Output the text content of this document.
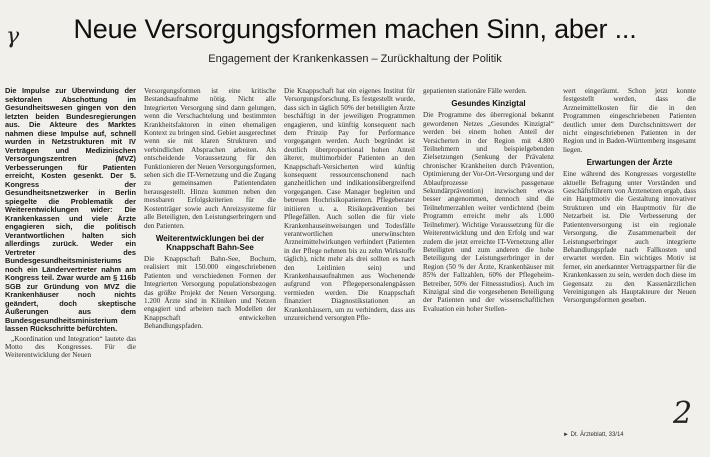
γ	Neue Versorgungsformen machen Sinn, aber ...
Engagement der Krankenkassen – Zurückhaltung der Politik

Die Impulse zur Überwindung der sektoralen Abschottung im Gesundheitswesen gingen von den letzten beiden Bundesregierungen aus. Die Akteure des Marktes nahmen diese Impulse auf, schnell wurden in Netzstrukturen mit IV Verträgen und Medizinischen Versorgungszentren (MVZ) Verbesserungen für Patienten erreicht, Kosten gesenkt. Der 5. Kongress der Gesundheitsnetzwerker in Berlin spiegelte die Problematik der Weiterentwicklungen wider: Die Krankenkassen und viele Ärzte engagieren sich, die politisch Verantwortlichen halten sich allerdings zurück. Weder ein Vertreter des Bundesgesundheitsministeriums noch ein Ländervertreter nahm am Kongress teil. Zwar wurde am § 116b SGB zur Gründung von MVZ die Krankenhäuser noch nichts geändert, doch skeptische Äußerungen aus dem Bundesgesundheitsministerium lassen Rückschritte befürchten.

„Koordination und Integration“ lautete das Motto des Kongresses. Für die Weiterentwicklung der Neuen

Versorgungsformen ist eine kritische Bestandsaufnahme nötig. Nicht alle Integrierten Versorgung sind dann gelungen, wenn die Verschachtelung und bestimmten Krankheitsfaktoren in einen ehemaligen Kontext zu bringen sind. Gebiet ausgerechnet wenn sie mit klaren Strukturen und verbindlichen Absprachen arbeiten. Als entscheidende Voraussetzung für den Funktionieren der Neuen Versorgungsformen, sehen sich die IT-Vernetzung und die Zugang zu gemeinsamen Patientendaten herausgestellt. Hinzu kommen neben den messbaren Erfolgskriterien für die Kostenträger sowie auch Anreizsysteme für alle Beteiligten, den Leistungserbringern und den Patienten.

Weiterentwicklungen bei der Knappschaft Bahn-See

Die Knappschaft Bahn-See, Bochum, realisiert mit 150.000 eingeschriebenen Patienten und verschiedenen Formen der Integrierten Versorgung populationsbezogen das größte Projekt der Neuen Versorgung. 1.200 Ärzte sind in Kliniken und Netzen engagiert und arbeiten nach Modellen der Knappschaft entwickelten Behandlungspfaden.

Die Knappschaft hat ein eigenes Institut für Versorgungsforschung. Es festgestellt wurde, dass sich in täglich 50% der beteiligten Ärzte beschäftigt in der jeweiligen Programmen engagieren, und künftig konsequent nach dem Prinzip Pay for Performance vorgegangen werden. Auch begründet ist deutlich überproportional hohen Anteil älterer, multimorbider Patienten an den Knappschaft-Versicherten wird künftig konsequent ressourcenschonend nach ganzheitlichen und indikationsübergreifend vorgegangen. Case Manager begleiten und betreuen Hochrisikopatienten. Pflegeberater initiieren u. a. Risikoprävention bei Pflegefällen. Auch sollen die für viele Krankenhauseinweisungen und Todesfälle verantwortlichen unerwünschten Arzneimittelwirkungen verhindert (Patienten in der Pflege nehmen bis zu zehn Wirkstoffe täglich), nicht mehr als drei sollten es nach den Leitlinien sein) und Krankenhausaufnahmen aus Wochenende aufgrund von Pflegepersonalengpässen vermieden werden. Die Knappschaft finanziert Diagnostikstationen an Krankenhäusern, um zu verhindern, dass aus unzureichend versorgten Pfle-

gepatienten stationäre Fälle werden.

Gesundes Kinzigtal

Die Programme des überregional bekannt gewordenen Netzes „Gesundes Kinzigtal“ werden bei einem hohen Anteil der Versicherten in der Region mit 4.800 Teilnehmern und beispielgebenden Zielsetzungen (Senkung der Prävalenz chronischer Krankheiten durch Prävention, Optimierung der Vor-Ort-Versorgung und der Ablaufprozesse passgenaue Sekundärprävention) inzwischen etwas besser angenommen, dennoch sind die Teilnehmerzahlen weiter verdichtend (beim Programm erreicht mehr als 1.000 Teilnehmer). Wichtige Voraussetzung für die Weiterentwicklung und den Erfolg und war zudem die jetzt erreichte IT-Vernetzung aller Beteiligten und zum anderen die hohe Beteiligung der Leistungserbringer in der Region (50 % der Ärzte, Krankenhäuser mit 85% der Fallzahlen, 60% der Pflegeheim-Betreiber, 50% der Fitnessstudios). Auch im Kinzigtal sind die vorgesehenen Beteiligung der Patienten und der wissenschaftlichen Evaluation ein hoher Stellen-

wert eingeräumt. Schon jetzt konnte festgestellt werden, dass die Arzneimittelkosten für die in den Programmen eingeschriebenen Patienten deutlich unter dem Durchschnittswert der nicht eingeschriebenen Patienten in der Region und in Baden-Württemberg insgesamt liegen.

Erwartungen der Ärzte

Eine während des Kongresses vorgestellte aktuelle Befragung unter Vorständen und Geschäftsführern von Ärztenetzen ergab, dass ein Hauptmotiv die Gestaltung innovativer Strukturen und ein Hauptmotiv für die Netzarbeit ist. Die Verbesserung der Patientenversorgung ist ein regionale Versorgung, die Zusammenarbeit der Leistungserbringer auch integrierte Behandlungspfade nach Fallkosten und erwartet werden. Ein wichtiges Motiv ist ferner, ein anerkannter Vertragspartner für die Krankenkassen zu sein, werden doch diese im Gegensatz zu den Kassenärztlichen Vereinigungen als Hauptakteure der Neuen Versorgungsformen gesehen.

2
► Dt. Ärzteblatt, 33/14
